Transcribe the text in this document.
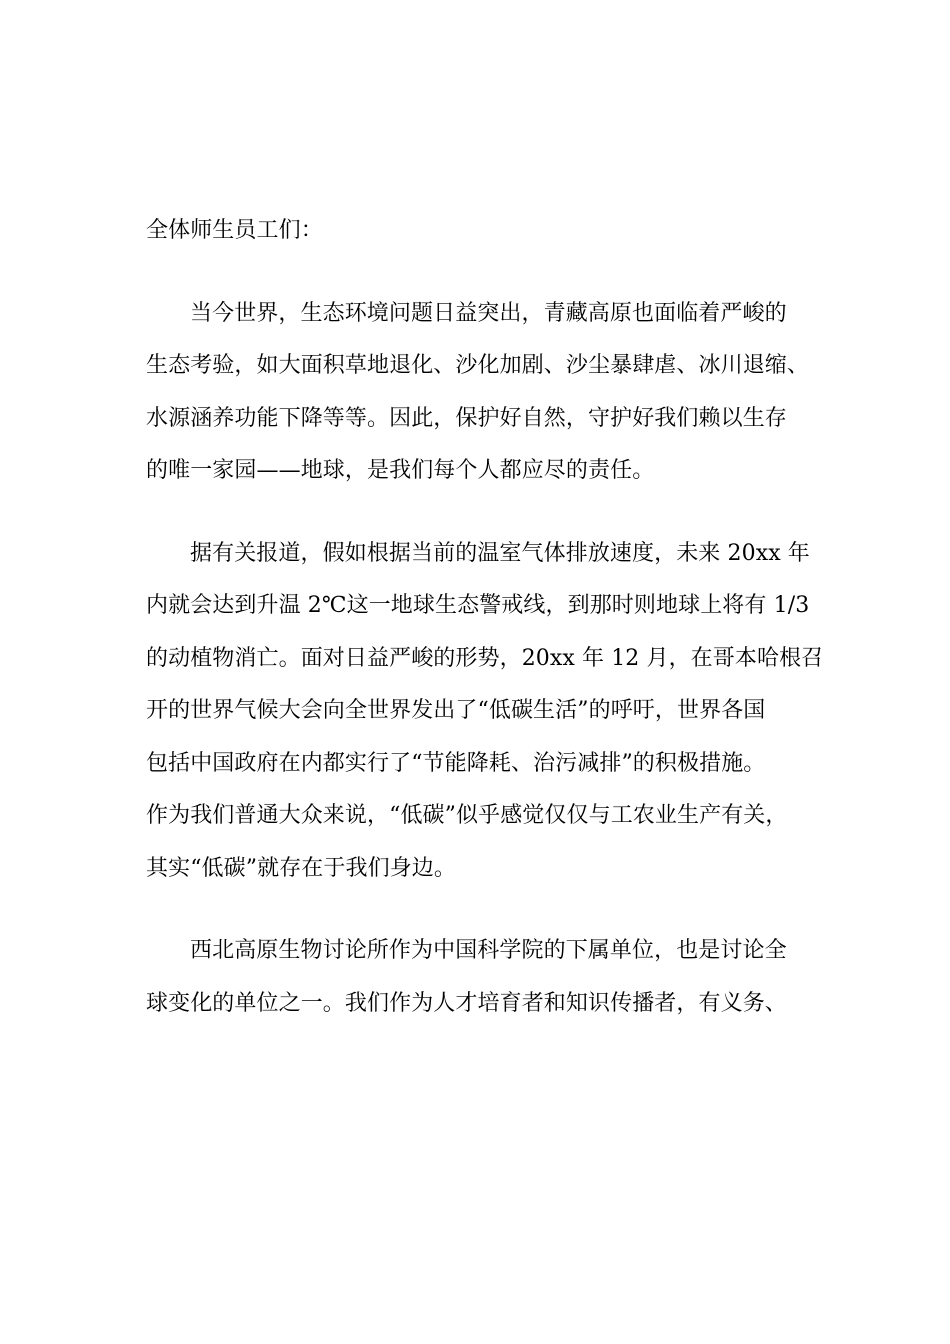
全体师生员工们：
当今世界，生态环境问题日益突出，青藏高原也面临着严峻的
生态考验，如大面积草地退化、沙化加剧、沙尘暴肆虐、冰川退缩、
水源涵养功能下降等等。因此，保护好自然，守护好我们赖以生存
的唯一家园——地球，是我们每个人都应尽的责任。
据有关报道，假如根据当前的温室气体排放速度，未来 20xx 年
内就会达到升温 2℃这一地球生态警戒线，到那时则地球上将有 1/3
的动植物消亡。面对日益严峻的形势，20xx 年 12 月，在哥本哈根召
开的世界气候大会向全世界发出了“低碳生活”的呼吁，世界各国
包括中国政府在内都实行了“节能降耗、治污减排”的积极措施。
作为我们普通大众来说，“低碳”似乎感觉仅仅与工农业生产有关，
其实“低碳”就存在于我们身边。
西北高原生物讨论所作为中国科学院的下属单位，也是讨论全
球变化的单位之一。我们作为人才培育者和知识传播者，有义务、
